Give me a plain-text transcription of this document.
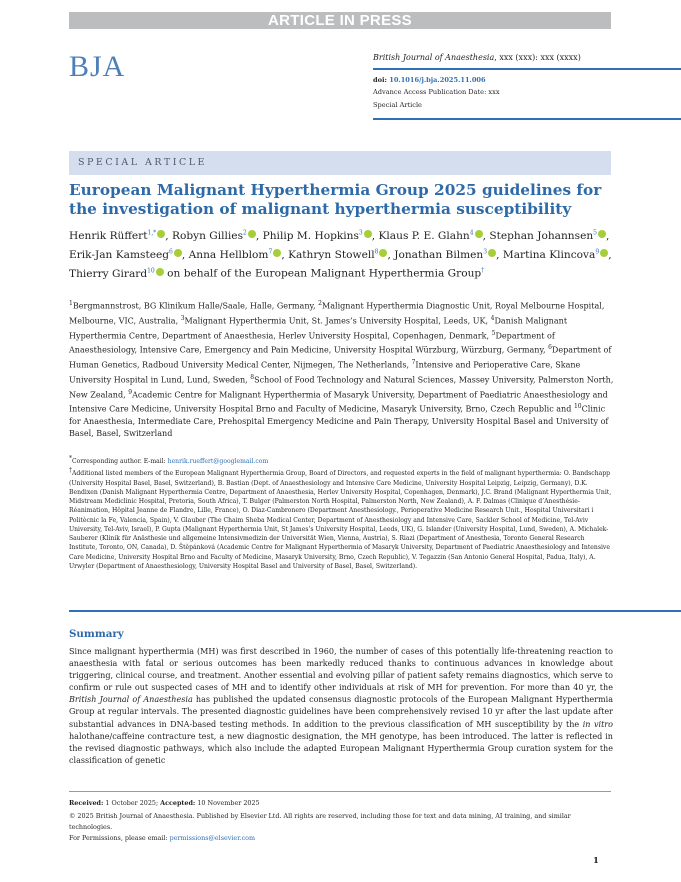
ARTICLE IN PRESS
BJA	British Journal of Anaesthesia, xxx (xxx): xxx (xxxx)
doi: 10.1016/j.bja.2025.11.006
Advance Access Publication Date: xxx
Special Article
SPECIAL ARTICLE
European Malignant Hyperthermia Group 2025 guidelines for the investigation of malignant hyperthermia susceptibility
Henrik Rüffert$^{1,*}$ , Robyn Gillies$^2$ , Philip M. Hopkins$^3$ , Klaus P. E. Glahn$^4$ , Stephan Johannsen$^5$ , Erik-Jan Kamsteeg$^6$ , Anna Hellblom$^7$ , Kathryn Stowell$^8$ , Jonathan Bilmen$^3$ , Martina Klincova$^9$ , Thierry Girard$^{10}$ on behalf of the European Malignant Hyperthermia Group†
$^1$Bergmannstrost, BG Klinikum Halle/Saale, Halle, Germany, $^2$Malignant Hyperthermia Diagnostic Unit, Royal Melbourne Hospital, Melbourne, VIC, Australia, $^3$Malignant Hyperthermia Unit, St. James’s University Hospital, Leeds, UK, $^4$Danish Malignant Hyperthermia Centre, Department of Anaesthesia, Herlev University Hospital, Copenhagen, Denmark, $^5$Department of Anaesthesiology, Intensive Care, Emergency and Pain Medicine, University Hospital Würzburg, Würzburg, Germany, $^6$Department of Human Genetics, Radboud University Medical Center, Nijmegen, The Netherlands, $^7$Intensive and Perioperative Care, Skane University Hospital in Lund, Lund, Sweden, $^8$School of Food Technology and Natural Sciences, Massey University, Palmerston North, New Zealand, $^9$Academic Centre for Malignant Hyperthermia of Masaryk University, Department of Paediatric Anaesthesiology and Intensive Care Medicine, University Hospital Brno and Faculty of Medicine, Masaryk University, Brno, Czech Republic and $^{10}$Clinic for Anaesthesia, Intermediate Care, Prehospital Emergency Medicine and Pain Therapy, University Hospital Basel and University of Basel, Basel, Switzerland
*Corresponding author. E-mail: henrik.rueffert@googlemail.com
†Additional listed members of the European Malignant Hyperthermia Group, Board of Directors, and requested experts in the field of malignant hyperthermia: O. Bandschapp (University Hospital Basel, Basel, Switzerland), B. Bastian (Dept. of Anaesthesiology and Intensive Care Medicine, University Hospital Leipzig, Leipzig, Germany), D.K. Bendixen (Danish Malignant Hyperthermia Centre, Department of Anaesthesia, Herlev University Hospital, Copenhagen, Denmark), J.C. Brand (Malignant Hyperthermia Unit, Midstream Mediclinic Hospital, Pretoria, South Africa), T. Bulger (Palmerston North Hospital, Palmerston North, New Zealand), A. F. Dalmas (Clinique d’Anesthésie-Réanimation, Hôpital Jeanne de Flandre, Lille, France), O. Diaz-Cambronero (Department Anesthesiology., Perioperative Medicine Research Unit., Hospital Universitari i Politècnic la Fe, Valencia, Spain), V. Glauber (The Chaim Sheba Medical Center, Department of Anesthesiology and Intensive Care, Sackler School of Medicine, Tel-Aviv University, Tel-Aviv, Israel), P. Gupta (Malignant Hyperthermia Unit, St James’s University Hospital, Leeds, UK), G. Islander (University Hospital, Lund, Sweden), A. Michalek-Sauberer (Klinik für Anästhesie und allgemeine Intensivmedizin der Universität Wien, Vienna, Austria), S. Riazi (Department of Anesthesia, Toronto General Research Institute, Toronto, ON, Canada), D. Štěpánková (Academic Centre for Malignant Hyperthermia of Masaryk University, Department of Paediatric Anaesthesiology and Intensive Care Medicine, University Hospital Brno and Faculty of Medicine, Masaryk University, Brno, Czech Republic), V. Tegazzin (San Antonio General Hospital, Padua, Italy), A. Urwyler (Department of Anaesthesiology, University Hospital Basel and University of Basel, Basel, Switzerland).
Summary
Since malignant hyperthermia (MH) was first described in 1960, the number of cases of this potentially life-threatening reaction to anaesthesia with fatal or serious outcomes has been markedly reduced thanks to continuous advances in knowledge about triggering, clinical course, and treatment. Another essential and evolving pillar of patient safety remains diagnostics, which serve to confirm or rule out suspected cases of MH and to identify other individuals at risk of MH for prevention. For more than 40 yr, the British Journal of Anaesthesia has published the updated consensus diagnostic protocols of the European Malignant Hyperthermia Group at regular intervals. The presented diagnostic guidelines have been comprehensively revised 10 yr after the last update after substantial advances in DNA-based testing methods. In addition to the previous classification of MH susceptibility by the in vitro halothane/caffeine contracture test, a new diagnostic designation, the MH genotype, has been introduced. The latter is reflected in the revised diagnostic pathways, which also include the adapted European Malignant Hyperthermia Group curation system for the classification of genetic
Received: 1 October 2025; Accepted: 10 November 2025
© 2025 British Journal of Anaesthesia. Published by Elsevier Ltd. All rights are reserved, including those for text and data mining, AI training, and similar technologies.
For Permissions, please email: permissions@elsevier.com
1
